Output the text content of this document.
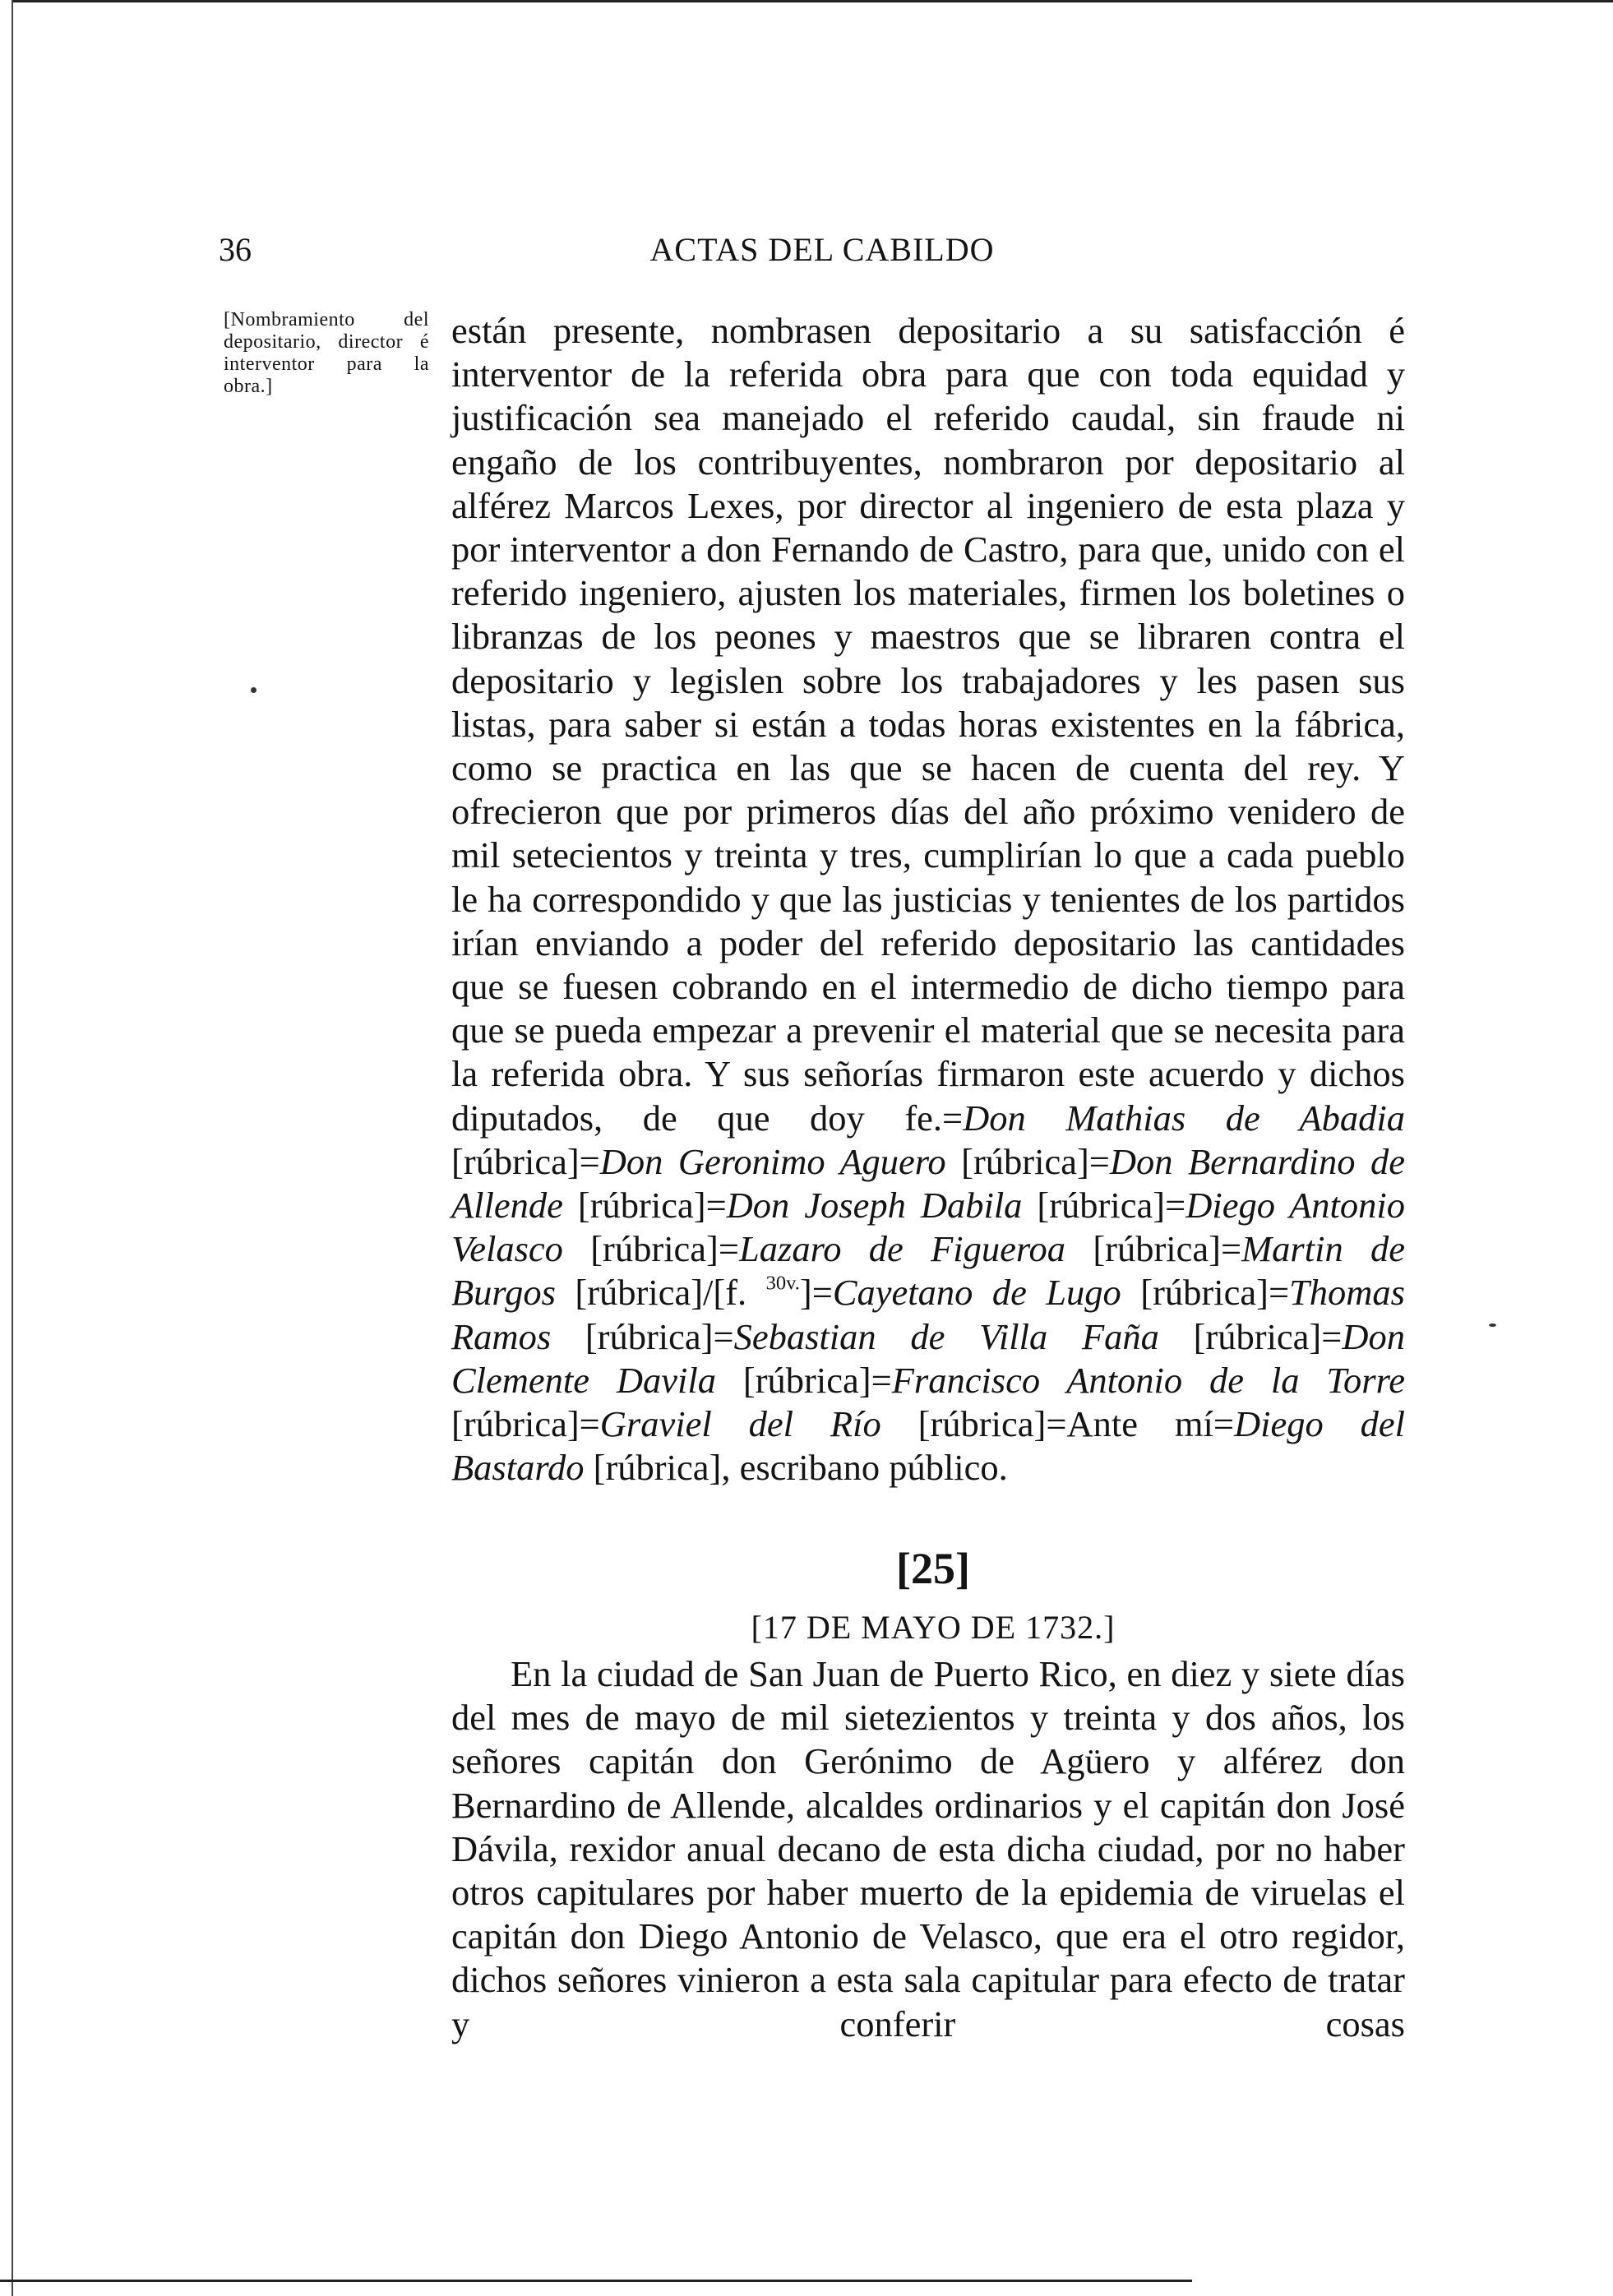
36	ACTAS DEL CABILDO
[Nombramiento del depositario, director é interventor para la obra.]

están presente, nombrasen depositario a su satisfacción é interventor de la referida obra para que con toda equidad y justificación sea manejado el referido caudal, sin fraude ni engaño de los contribuyentes, nombraron por depositario al alférez Marcos Lexes, por director al ingeniero de esta plaza y por interventor a don Fernando de Castro, para que, unido con el referido ingeniero, ajusten los materiales, firmen los boletines o libranzas de los peones y maestros que se libraren contra el depositario y legislen sobre los trabajadores y les pasen sus listas, para saber si están a todas horas existentes en la fábrica, como se practica en las que se hacen de cuenta del rey. Y ofrecieron que por primeros días del año próximo venidero de mil setecientos y treinta y tres, cumplirían lo que a cada pueblo le ha correspondido y que las justicias y tenientes de los partidos irían enviando a poder del referido depositario las cantidades que se fuesen cobrando en el intermedio de dicho tiempo para que se pueda empezar a prevenir el material que se necesita para la referida obra. Y sus señorías firmaron este acuerdo y dichos diputados, de que doy fe.=Don Mathias de Abadia [rúbrica]=Don Geronimo Aguero [rúbrica]=Don Bernardino de Allende [rúbrica]=Don Joseph Dabila [rúbrica]=Diego Antonio Velasco [rúbrica]=Lazaro de Figueroa [rúbrica]=Martin de Burgos [rúbrica]/[f. $^{30v.}$]=Cayetano de Lugo [rúbrica]=Thomas Ramos [rúbrica]=Sebastian de Villa Faña [rúbrica]=Don Clemente Davila [rúbrica]=Francisco Antonio de la Torre [rúbrica]=Graviel del Río [rúbrica]=Ante mí=Diego del Bastardo [rúbrica], escribano público.

[25]
[17 DE MAYO DE 1732.]

En la ciudad de San Juan de Puerto Rico, en diez y siete días del mes de mayo de mil sietezientos y treinta y dos años, los señores capitán don Gerónimo de Agüero y alférez don Bernardino de Allende, alcaldes ordinarios y el capitán don José Dávila, rexidor anual decano de esta dicha ciudad, por no haber otros capitulares por haber muerto de la epidemia de viruelas el capitán don Diego Antonio de Velasco, que era el otro regidor, dichos señores vinieron a esta sala capitular para efecto de tratar y conferir cosas
